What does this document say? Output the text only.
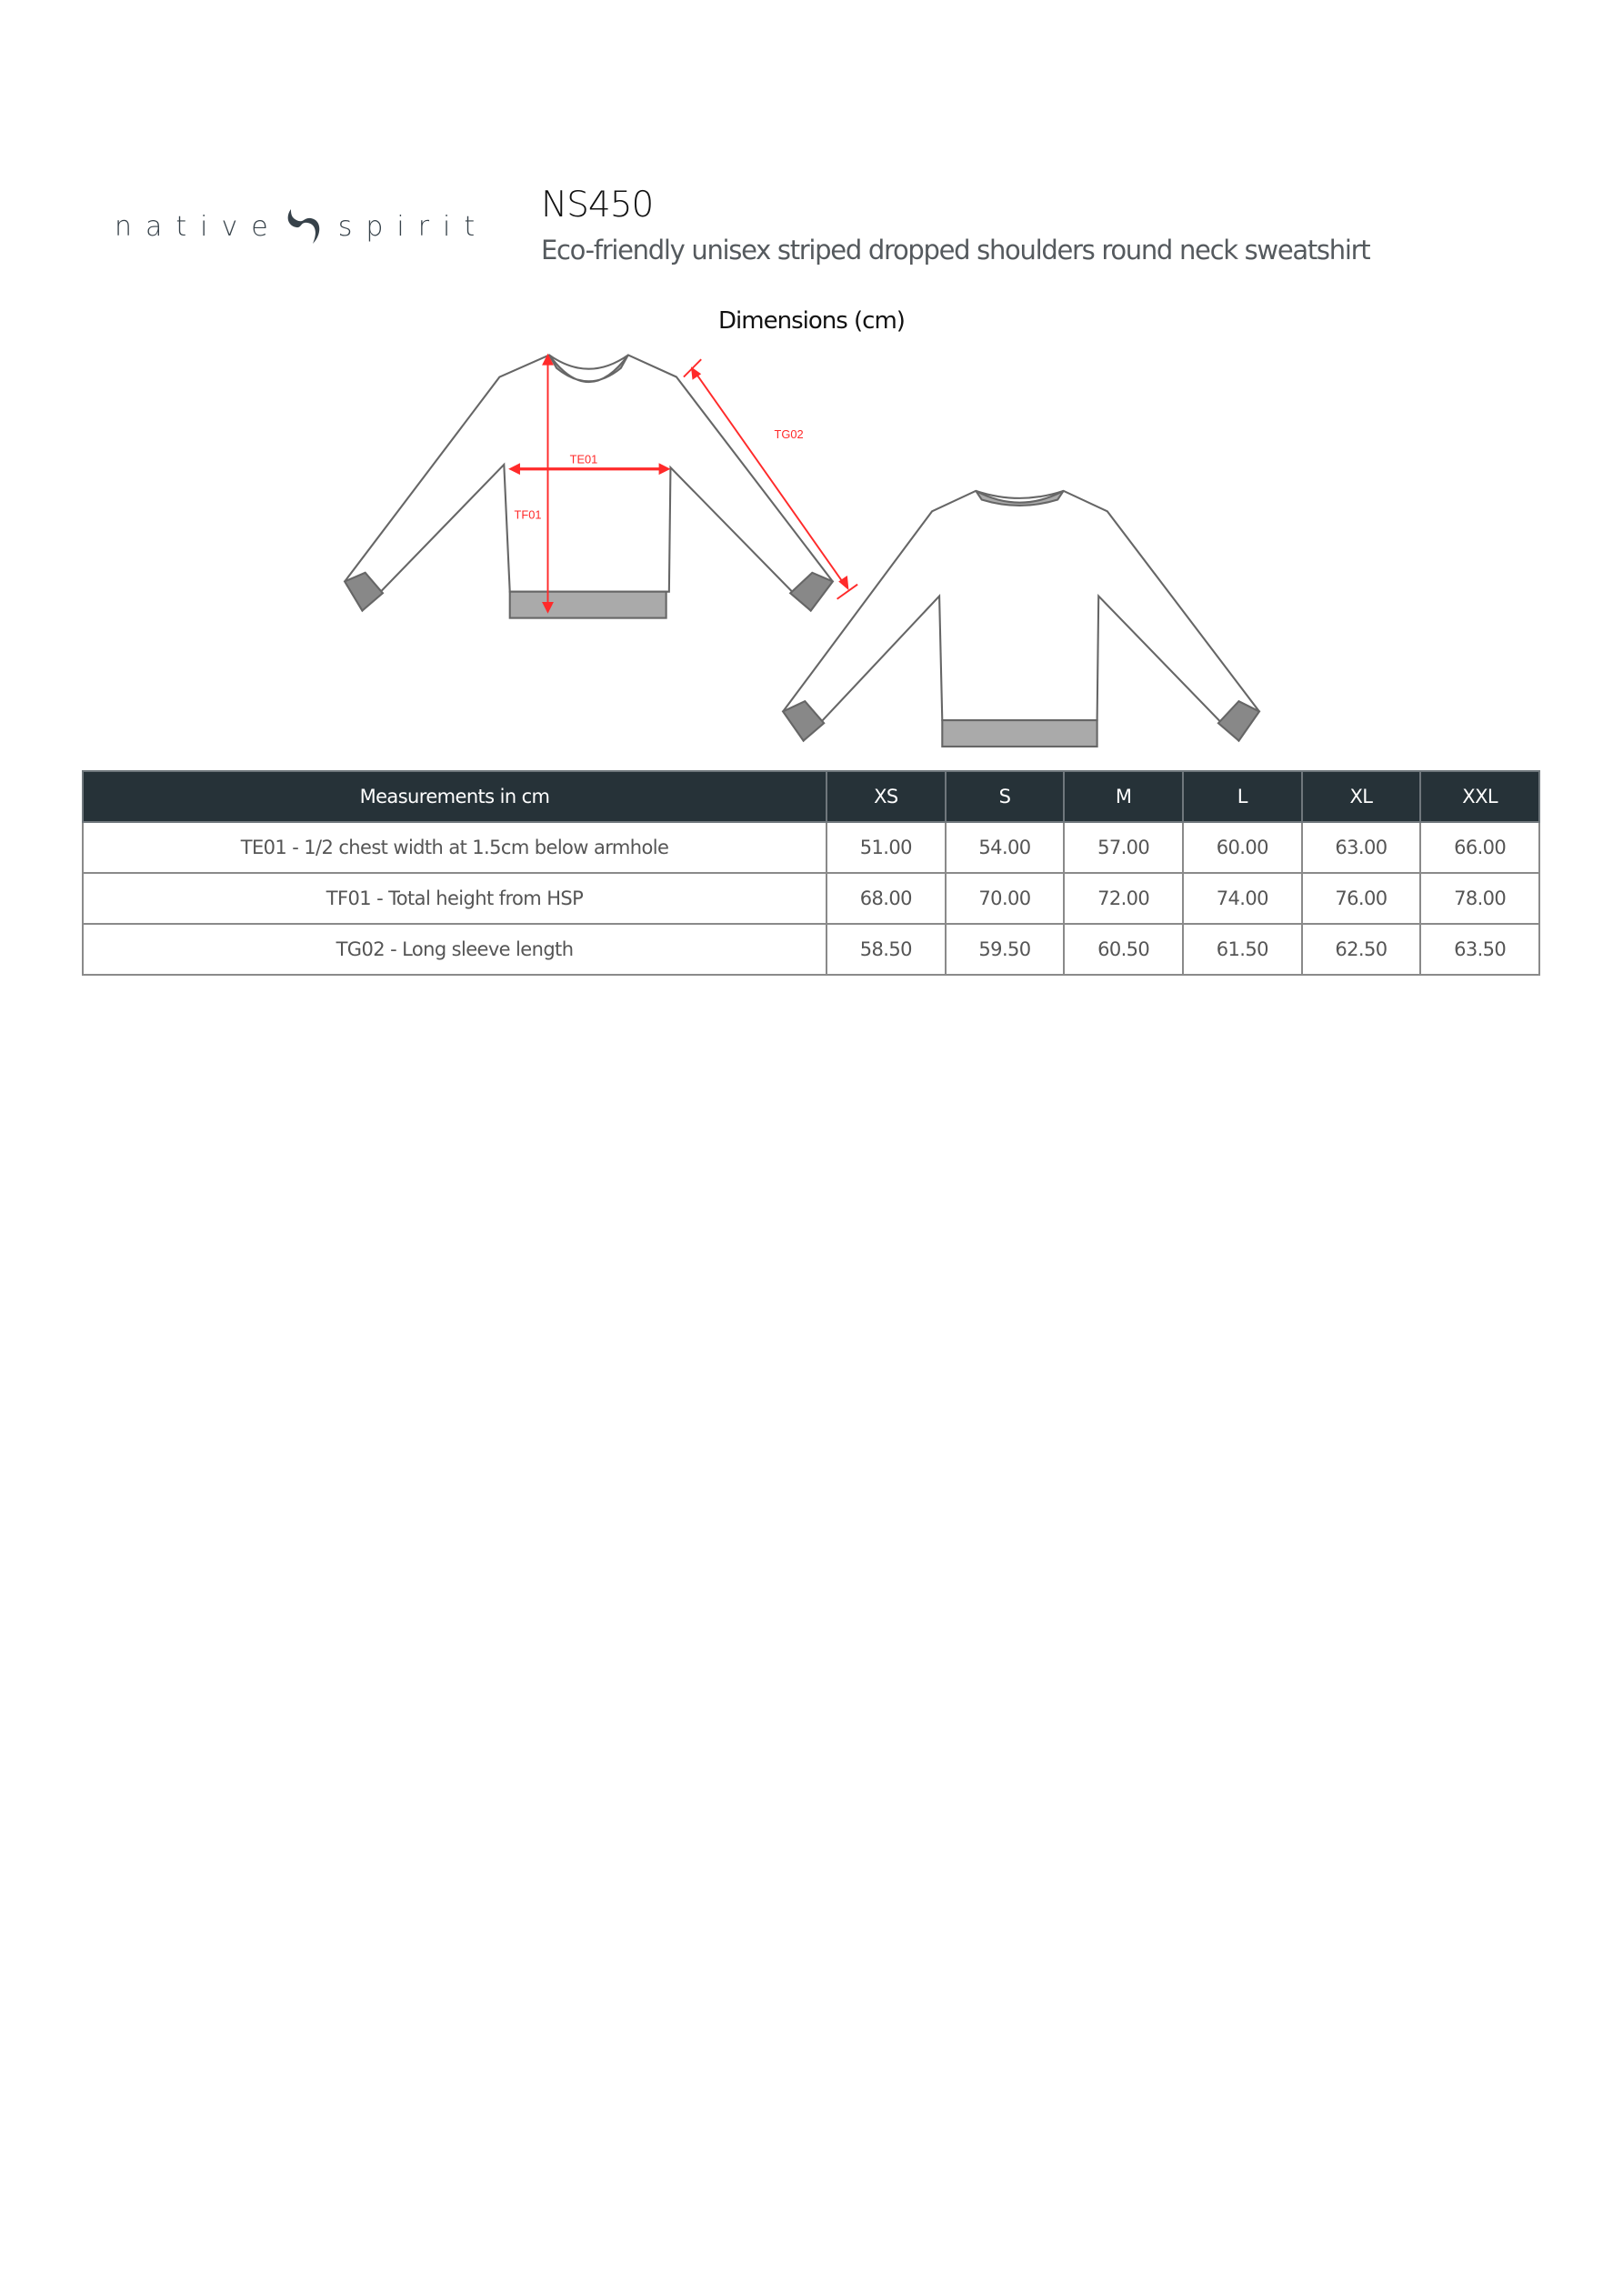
native spirit
NS450
Eco-friendly unisex striped dropped shoulders round neck sweatshirt
Dimensions (cm)
TE01
TF01
TG02
Measurements in cm	XS	S	M	L	XL	XXL
TE01 - 1/2 chest width at 1.5cm below armhole	51.00	54.00	57.00	60.00	63.00	66.00
TF01 - Total height from HSP	68.00	70.00	72.00	74.00	76.00	78.00
TG02 - Long sleeve length	58.50	59.50	60.50	61.50	62.50	63.50
